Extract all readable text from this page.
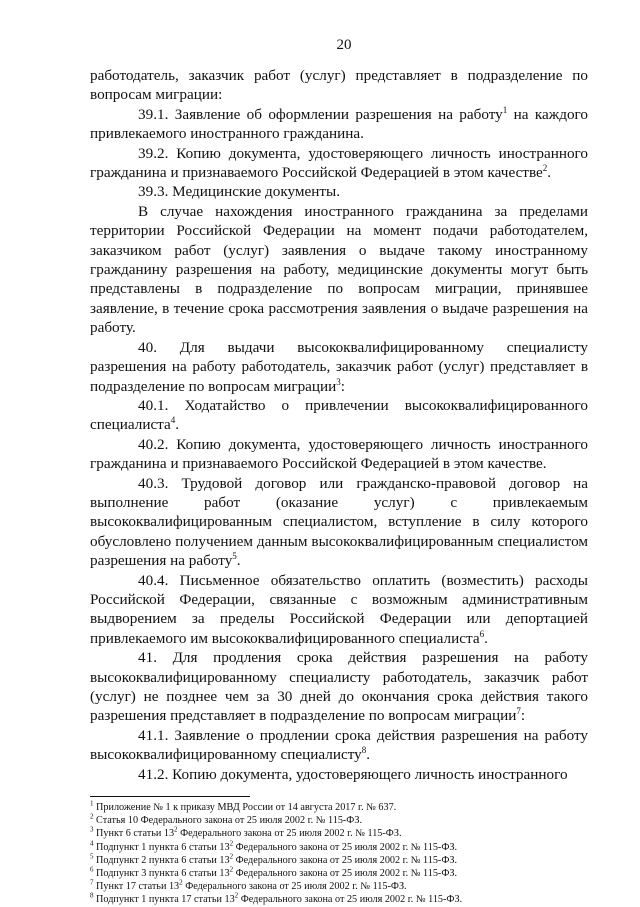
20

работодатель, заказчик работ (услуг) представляет в подразделение по вопросам миграции:

39.1. Заявление об оформлении разрешения на работу$^1$ на каждого привлекаемого иностранного гражданина.

39.2. Копию документа, удостоверяющего личность иностранного гражданина и признаваемого Российской Федерацией в этом качестве$^2$.

39.3. Медицинские документы.

В случае нахождения иностранного гражданина за пределами территории Российской Федерации на момент подачи работодателем, заказчиком работ (услуг) заявления о выдаче такому иностранному гражданину разрешения на работу, медицинские документы могут быть представлены в подразделение по вопросам миграции, принявшее заявление, в течение срока рассмотрения заявления о выдаче разрешения на работу.

40. Для выдачи высококвалифицированному специалисту разрешения на работу работодатель, заказчик работ (услуг) представляет в подразделение по вопросам миграции$^3$:

40.1. Ходатайство о привлечении высококвалифицированного специалиста$^4$.

40.2. Копию документа, удостоверяющего личность иностранного гражданина и признаваемого Российской Федерацией в этом качестве.

40.3. Трудовой договор или гражданско-правовой договор на выполнение работ (оказание услуг) с привлекаемым высококвалифицированным специалистом, вступление в силу которого обусловлено получением данным высококвалифицированным специалистом разрешения на работу$^5$.

40.4. Письменное обязательство оплатить (возместить) расходы Российской Федерации, связанные с возможным административным выдворением за пределы Российской Федерации или депортацией привлекаемого им высококвалифицированного специалиста$^6$.

41. Для продления срока действия разрешения на работу высококвалифицированному специалисту работодатель, заказчик работ (услуг) не позднее чем за 30 дней до окончания срока действия такого разрешения представляет в подразделение по вопросам миграции$^7$:

41.1. Заявление о продлении срока действия разрешения на работу высококвалифицированному специалисту$^8$.

41.2. Копию документа, удостоверяющего личность иностранного

$^1$ Приложение № 1 к приказу МВД России от 14 августа 2017 г. № 637.

$^2$ Статья 10 Федерального закона от 25 июля 2002 г. № 115-ФЗ.

$^3$ Пункт 6 статьи $13^2$ Федерального закона от 25 июля 2002 г. № 115-ФЗ.

$^4$ Подпункт 1 пункта 6 статьи $13^2$ Федерального закона от 25 июля 2002 г. № 115-ФЗ.

$^5$ Подпункт 2 пункта 6 статьи $13^2$ Федерального закона от 25 июля 2002 г. № 115-ФЗ.

$^6$ Подпункт 3 пункта 6 статьи $13^2$ Федерального закона от 25 июля 2002 г. № 115-ФЗ.

$^7$ Пункт 17 статьи $13^2$ Федерального закона от 25 июля 2002 г. № 115-ФЗ.

$^8$ Подпункт 1 пункта 17 статьи $13^2$ Федерального закона от 25 июля 2002 г. № 115-ФЗ.
